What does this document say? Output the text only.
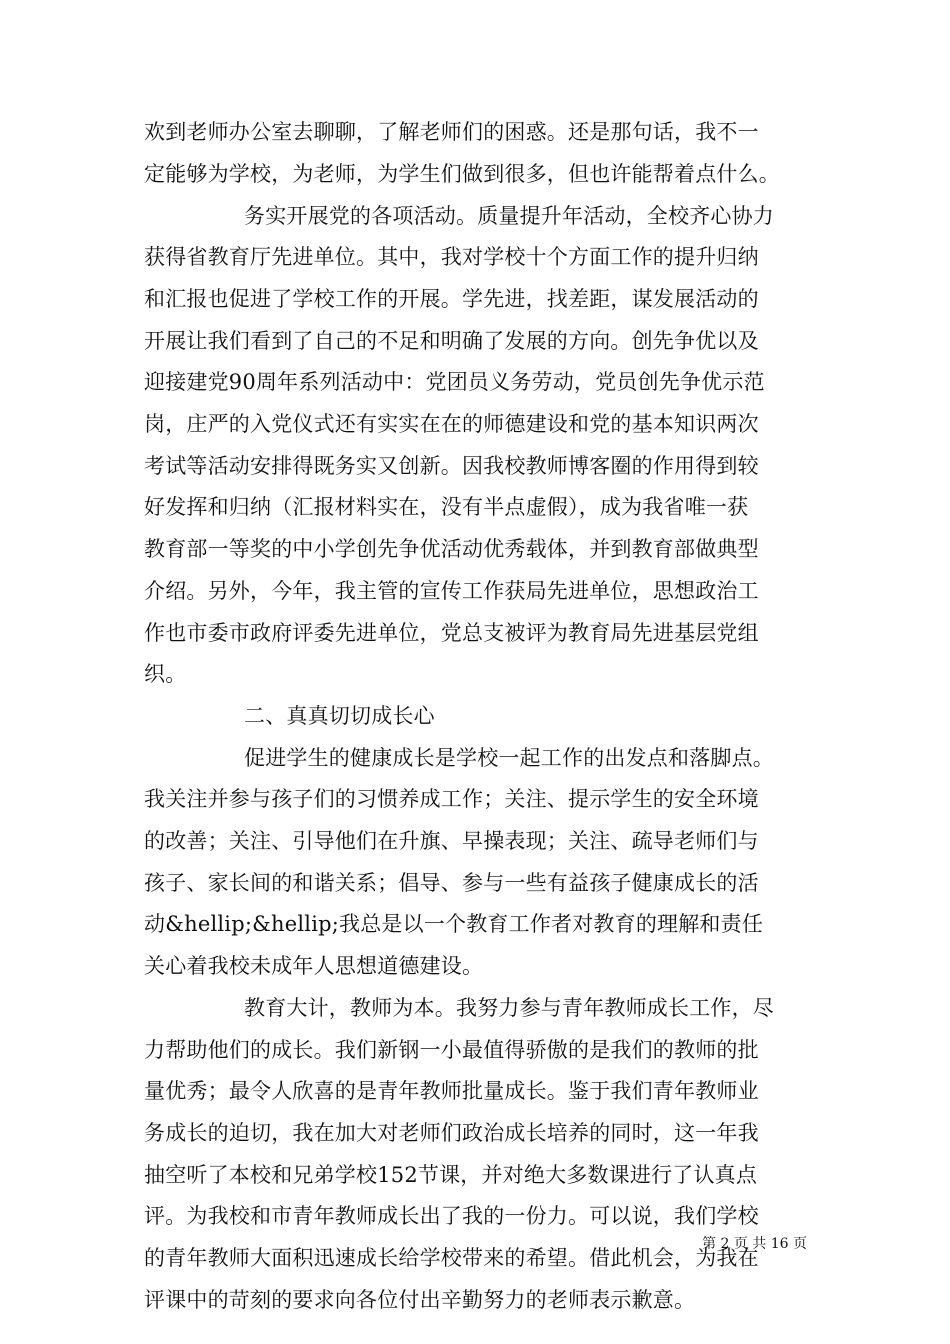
欢到老师办公室去聊聊，了解老师们的困惑。还是那句话，我不一
定能够为学校，为老师，为学生们做到很多，但也许能帮着点什么。
务实开展党的各项活动。质量提升年活动，全校齐心协力
获得省教育厅先进单位。其中，我对学校十个方面工作的提升归纳
和汇报也促进了学校工作的开展。学先进，找差距，谋发展活动的
开展让我们看到了自己的不足和明确了发展的方向。创先争优以及
迎接建党90周年系列活动中：党团员义务劳动，党员创先争优示范
岗，庄严的入党仪式还有实实在在的师德建设和党的基本知识两次
考试等活动安排得既务实又创新。因我校教师博客圈的作用得到较
好发挥和归纳（汇报材料实在，没有半点虚假），成为我省唯一获
教育部一等奖的中小学创先争优活动优秀载体，并到教育部做典型
介绍。另外，今年，我主管的宣传工作获局先进单位，思想政治工
作也市委市政府评委先进单位，党总支被评为教育局先进基层党组
织。
二、真真切切成长心
促进学生的健康成长是学校一起工作的出发点和落脚点。
我关注并参与孩子们的习惯养成工作；关注、提示学生的安全环境
的改善；关注、引导他们在升旗、早操表现；关注、疏导老师们与
孩子、家长间的和谐关系；倡导、参与一些有益孩子健康成长的活
动&hellip;&hellip;我总是以一个教育工作者对教育的理解和责任
关心着我校未成年人思想道德建设。
教育大计，教师为本。我努力参与青年教师成长工作，尽
力帮助他们的成长。我们新钢一小最值得骄傲的是我们的教师的批
量优秀；最令人欣喜的是青年教师批量成长。鉴于我们青年教师业
务成长的迫切，我在加大对老师们政治成长培养的同时，这一年我
抽空听了本校和兄弟学校152节课，并对绝大多数课进行了认真点
评。为我校和市青年教师成长出了我的一份力。可以说，我们学校
的青年教师大面积迅速成长给学校带来的希望。借此机会，为我在
评课中的苛刻的要求向各位付出辛勤努力的老师表示歉意。
第 2 页 共 16 页
